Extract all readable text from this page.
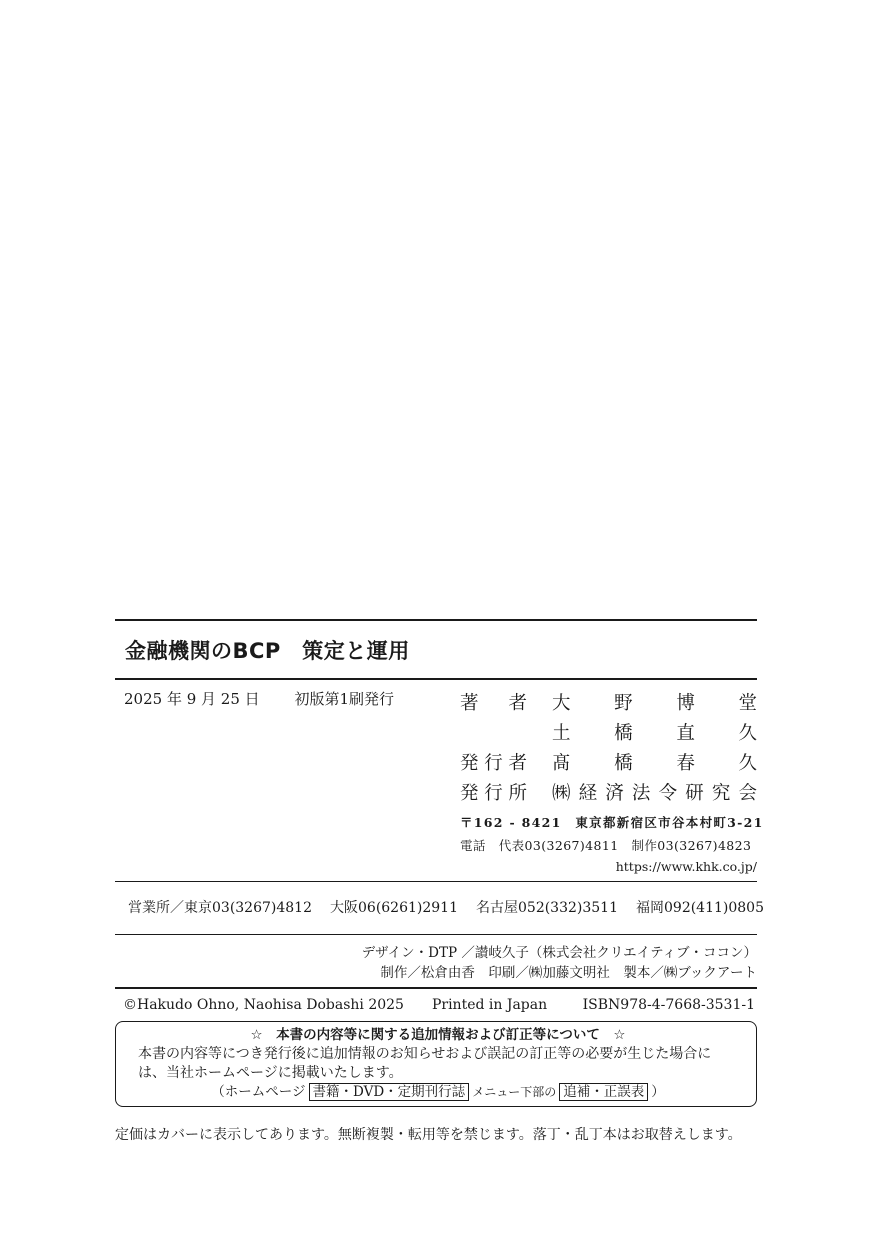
金融機関のBCP　策定と運用
2025 年 9 月 25 日 初版第1刷発行	著 者 大 野 博 堂
土 橋 直 久
発 行 者 髙 橋 春 久
発 行 所 ㈱ 経 済 法 令 研 究 会
〒162 - 8421　東京都新宿区市谷本村町3-21
電話　代表03(3267)4811　制作03(3267)4823
https://www.khk.co.jp/
営業所／東京03(3267)4812 大阪06(6261)2911 名古屋052(332)3511 福岡092(411)0805
デザイン・DTP ／讃岐久子（株式会社クリエイティブ・ココン）
制作／松倉由香　印刷／㈱加藤文明社　製本／㈱ブックアート
©Hakudo Ohno, Naohisa Dobashi 2025 Printed in Japan	ISBN978-4-7668-3531-1
☆　本書の内容等に関する追加情報および訂正等について　☆

本書の内容等につき発行後に追加情報のお知らせおよび誤記の訂正等の必要が生じた場合には、当社ホームページに掲載いたします。

（ホームページ 書籍・DVD・定期刊行誌 メニュー下部の 追補・正誤表 ）
定価はカバーに表示してあります。無断複製・転用等を禁じます。落丁・乱丁本はお取替えします。
